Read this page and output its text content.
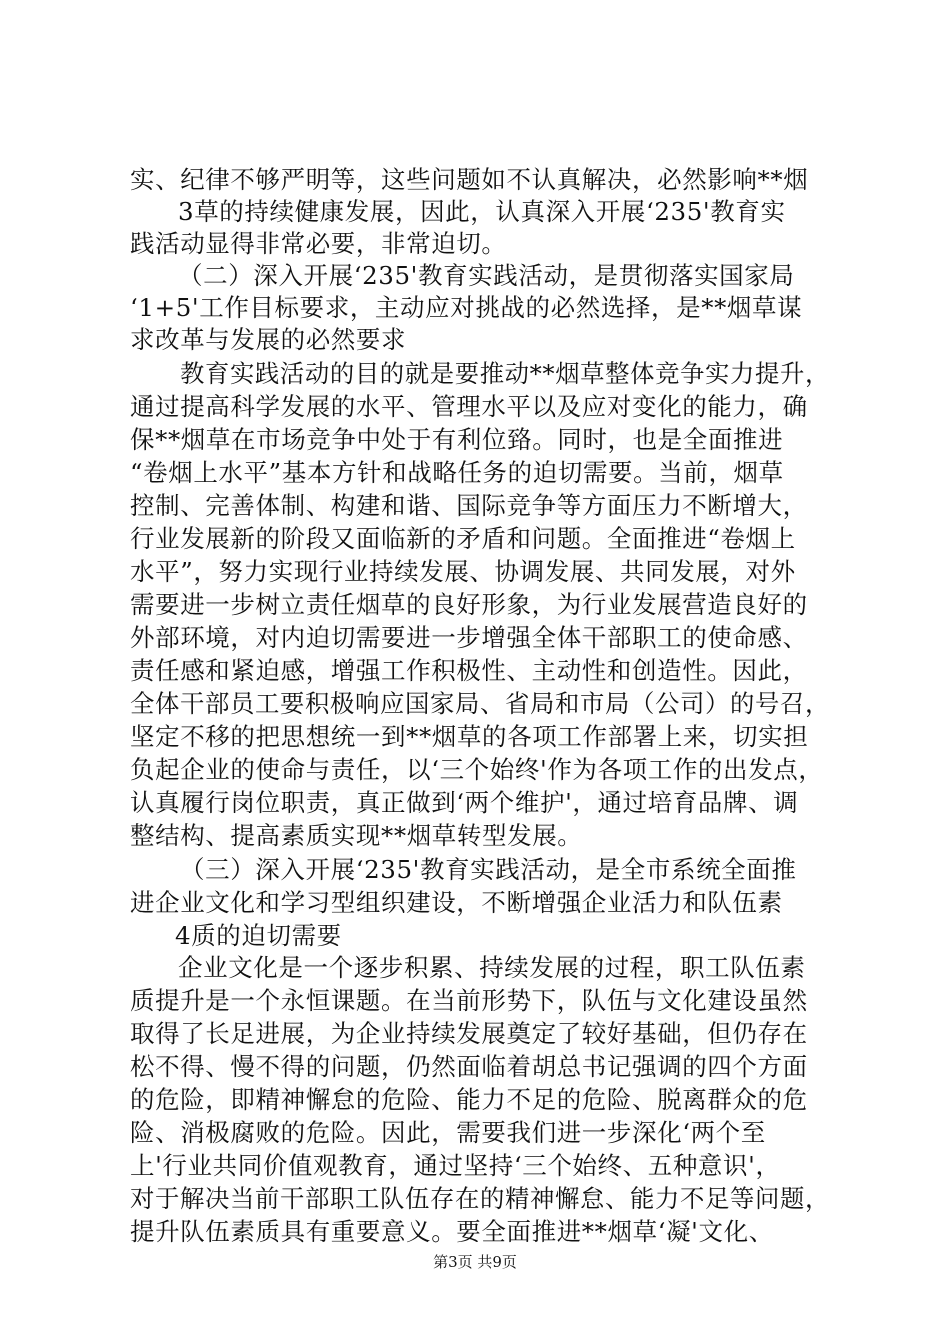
实、纪律不够严明等，这些问题如不认真解决，必然影响**烟
3草的持续健康发展，因此，认真深入开展‘235'教育实
践活动显得非常必要，非常迫切。
（二）深入开展‘235'教育实践活动，是贯彻落实国家局
‘1+5'工作目标要求，主动应对挑战的必然选择，是**烟草谋
求改革与发展的必然要求
教育实践活动的目的就是要推动**烟草整体竞争实力提升，
通过提高科学发展的水平、管理水平以及应对变化的能力，确
保**烟草在市场竞争中处于有利位臵。同时，也是全面推进
“卷烟上水平”基本方针和战略任务的迫切需要。当前，烟草
控制、完善体制、构建和谐、国际竞争等方面压力不断增大，
行业发展新的阶段又面临新的矛盾和问题。全面推进“卷烟上
水平”，努力实现行业持续发展、协调发展、共同发展，对外
需要进一步树立责任烟草的良好形象，为行业发展营造良好的
外部环境，对内迫切需要进一步增强全体干部职工的使命感、
责任感和紧迫感，增强工作积极性、主动性和创造性。因此，
全体干部员工要积极响应国家局、省局和市局（公司）的号召，
坚定不移的把思想统一到**烟草的各项工作部署上来，切实担
负起企业的使命与责任，以‘三个始终'作为各项工作的出发点，
认真履行岗位职责，真正做到‘两个维护'，通过培育品牌、调
整结构、提高素质实现**烟草转型发展。
（三）深入开展‘235'教育实践活动，是全市系统全面推
进企业文化和学习型组织建设，不断增强企业活力和队伍素
4质的迫切需要
企业文化是一个逐步积累、持续发展的过程，职工队伍素
质提升是一个永恒课题。在当前形势下，队伍与文化建设虽然
取得了长足进展，为企业持续发展奠定了较好基础，但仍存在
松不得、慢不得的问题，仍然面临着胡总书记强调的四个方面
的危险，即精神懈怠的危险、能力不足的危险、脱离群众的危
险、消极腐败的危险。因此，需要我们进一步深化‘两个至
上'行业共同价值观教育，通过坚持‘三个始终、五种意识'，
对于解决当前干部职工队伍存在的精神懈怠、能力不足等问题，
提升队伍素质具有重要意义。要全面推进**烟草‘凝'文化、
第3页 共9页
